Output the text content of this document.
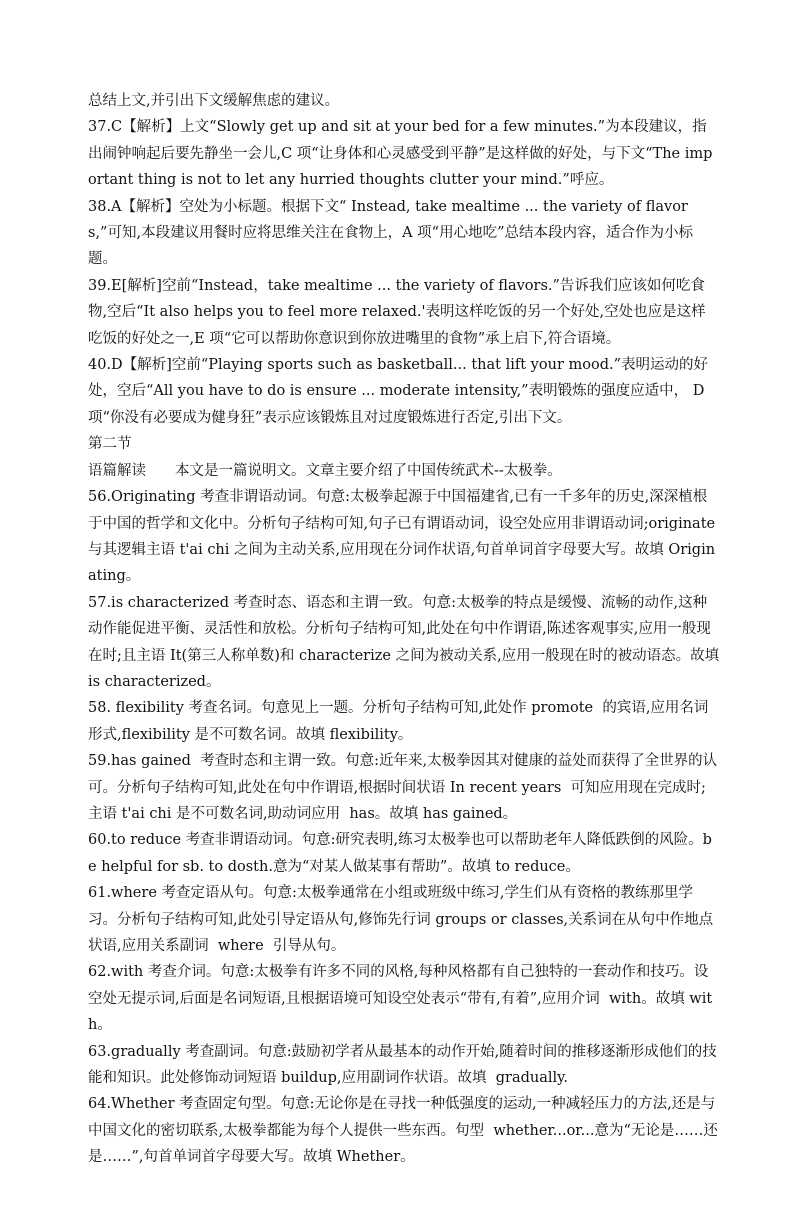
总结上文,并引出下文缓解焦虑的建议。

37.C【解析】上文“Slowly get up and sit at your bed for a few minutes.”为本段建议，指出闹钟响起后要先静坐一会儿,C 项“让身体和心灵感受到平静”是这样做的好处，与下文“The important thing is not to let any hurried thoughts clutter your mind.”呼应。

38.A【解析】空处为小标题。根据下文“ Instead, take mealtime ... the variety of flavors,”可知,本段建议用餐时应将思维关注在食物上，A 项“用心地吃”总结本段内容，适合作为小标题。

39.E[解析]空前“Instead，take mealtime ... the variety of flavors.”告诉我们应该如何吃食物,空后“It also helps you to feel more relaxed.'表明这样吃饭的另一个好处,空处也应是这样吃饭的好处之一,E 项“它可以帮助你意识到你放进嘴里的食物”承上启下,符合语境。

40.D【解析]空前“Playing sports such as basketball... that lift your mood.”表明运动的好处，空后“All you have to do is ensure ... moderate intensity,”表明锻炼的强度应适中， D 项“你没有必要成为健身狂”表示应该锻炼且对过度锻炼进行否定,引出下文。

第二节

语篇解读　　本文是一篇说明文。文章主要介绍了中国传统武术--太极拳。

56.Originating 考查非谓语动词。句意:太极拳起源于中国福建省,已有一千多年的历史,深深植根于中国的哲学和文化中。分析句子结构可知,句子已有谓语动词，设空处应用非谓语动词;originate 与其逻辑主语 t'ai chi 之间为主动关系,应用现在分词作状语,句首单词首字母要大写。故填 Originating。

57.is characterized 考查时态、语态和主谓一致。句意:太极拳的特点是缓慢、流畅的动作,这种动作能促进平衡、灵活性和放松。分析句子结构可知,此处在句中作谓语,陈述客观事实,应用一般现在时;且主语 It(第三人称单数)和 characterize 之间为被动关系,应用一般现在时的被动语态。故填 is characterized。

58. flexibility 考查名词。句意见上一题。分析句子结构可知,此处作 promote  的宾语,应用名词形式,flexibility 是不可数名词。故填 flexibility。

59.has gained  考查时态和主谓一致。句意:近年来,太极拳因其对健康的益处而获得了全世界的认可。分析句子结构可知,此处在句中作谓语,根据时间状语 In recent years  可知应用现在完成时;主语 t'ai chi 是不可数名词,助动词应用  has。故填 has gained。

60.to reduce 考查非谓语动词。句意:研究表明,练习太极拳也可以帮助老年人降低跌倒的风险。be helpful for sb. to dosth.意为“对某人做某事有帮助”。故填 to reduce。

61.where 考查定语从句。句意:太极拳通常在小组或班级中练习,学生们从有资格的教练那里学习。分析句子结构可知,此处引导定语从句,修饰先行词 groups or classes,关系词在从句中作地点状语,应用关系副词  where  引导从句。

62.with 考查介词。句意:太极拳有许多不同的风格,每种风格都有自己独特的一套动作和技巧。设空处无提示词,后面是名词短语,且根据语境可知设空处表示“带有,有着”,应用介词  with。故填 with。

63.gradually 考查副词。句意:鼓励初学者从最基本的动作开始,随着时间的推移逐渐形成他们的技能和知识。此处修饰动词短语 buildup,应用副词作状语。故填  gradually.

64.Whether 考查固定句型。句意:无论你是在寻找一种低强度的运动,一种减轻压力的方法,还是与中国文化的密切联系,太极拳都能为每个人提供一些东西。句型  whether...or...意为“无论是……还是……”,句首单词首字母要大写。故填 Whether。
